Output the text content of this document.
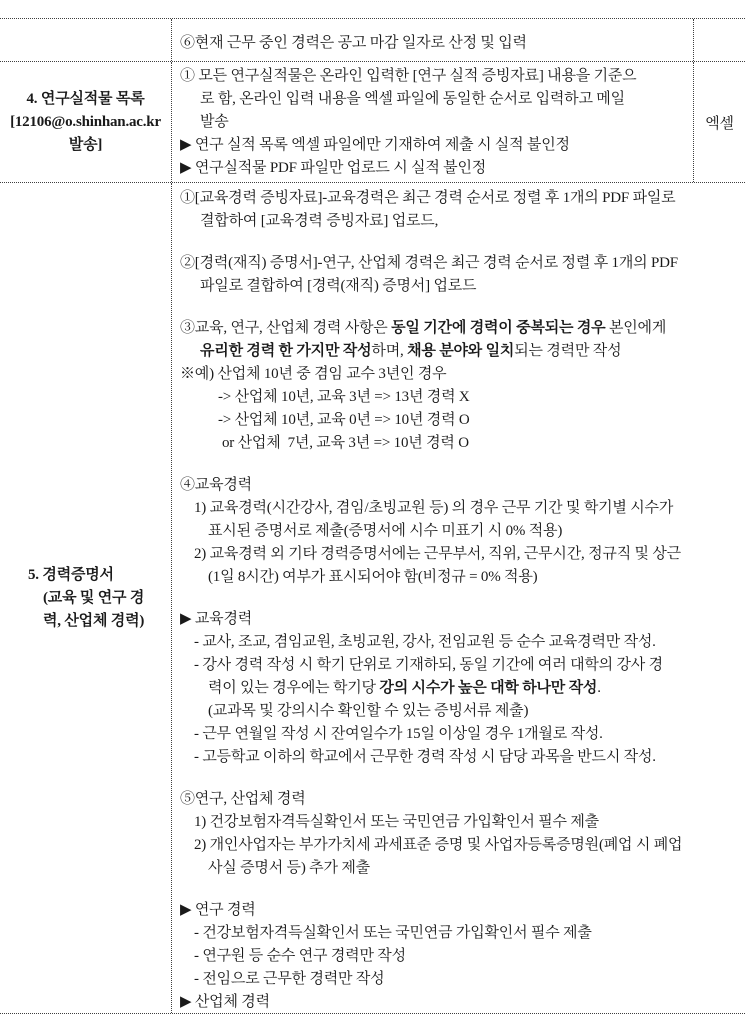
⑥현재 근무 중인 경력은 공고 마감 일자로 산정 및 입력
4. 연구실적물 목록
[12106@o.shinhan.ac.kr
발송]
① 모든 연구실적물은 온라인 입력한 [연구 실적 증빙자료] 내용을 기준으
로 함, 온라인 입력 내용을 엑셀 파일에 동일한 순서로 입력하고 메일
발송
▶ 연구 실적 목록 엑셀 파일에만 기재하여 제출 시 실적 불인정
▶ 연구실적물 PDF 파일만 업로드 시 실적 불인정
엑셀
5. 경력증명서
(교육 및 연구 경
력, 산업체 경력)
①[교육경력 증빙자료]-교육경력은 최근 경력 순서로 정렬 후 1개의 PDF 파일로
결합하여 [교육경력 증빙자료] 업로드,
②[경력(재직) 증명서]-연구, 산업체 경력은 최근 경력 순서로 정렬 후 1개의 PDF
파일로 결합하여 [경력(재직) 증명서] 업로드
③교육, 연구, 산업체 경력 사항은 동일 기간에 경력이 중복되는 경우 본인에게
유리한 경력 한 가지만 작성하며, 채용 분야와 일치되는 경력만 작성
※예) 산업체 10년 중 겸임 교수 3년인 경우
-> 산업체 10년, 교육 3년 => 13년 경력 X
-> 산업체 10년, 교육 0년 => 10년 경력 O
or 산업체  7년, 교육 3년 => 10년 경력 O
④교육경력
1) 교육경력(시간강사, 겸임/초빙교원 등) 의 경우 근무 기간 및 학기별 시수가
표시된 증명서로 제출(증명서에 시수 미표기 시 0% 적용)
2) 교육경력 외 기타 경력증명서에는 근무부서, 직위, 근무시간, 정규직 및 상근
(1일 8시간) 여부가 표시되어야 함(비정규 = 0% 적용)
▶ 교육경력
- 교사, 조교, 겸임교원, 초빙교원, 강사, 전임교원 등 순수 교육경력만 작성.
- 강사 경력 작성 시 학기 단위로 기재하되, 동일 기간에 여러 대학의 강사 경
력이 있는 경우에는 학기당 강의 시수가 높은 대학 하나만 작성.
(교과목 및 강의시수 확인할 수 있는 증빙서류 제출)
- 근무 연월일 작성 시 잔여일수가 15일 이상일 경우 1개월로 작성.
- 고등학교 이하의 학교에서 근무한 경력 작성 시 담당 과목을 반드시 작성.
⑤연구, 산업체 경력
1) 건강보험자격득실확인서 또는 국민연금 가입확인서 필수 제출
2) 개인사업자는 부가가치세 과세표준 증명 및 사업자등록증명원(폐업 시 폐업
사실 증명서 등) 추가 제출
▶ 연구 경력
- 건강보험자격득실확인서 또는 국민연금 가입확인서 필수 제출
- 연구원 등 순수 연구 경력만 작성
- 전임으로 근무한 경력만 작성
▶ 산업체 경력
